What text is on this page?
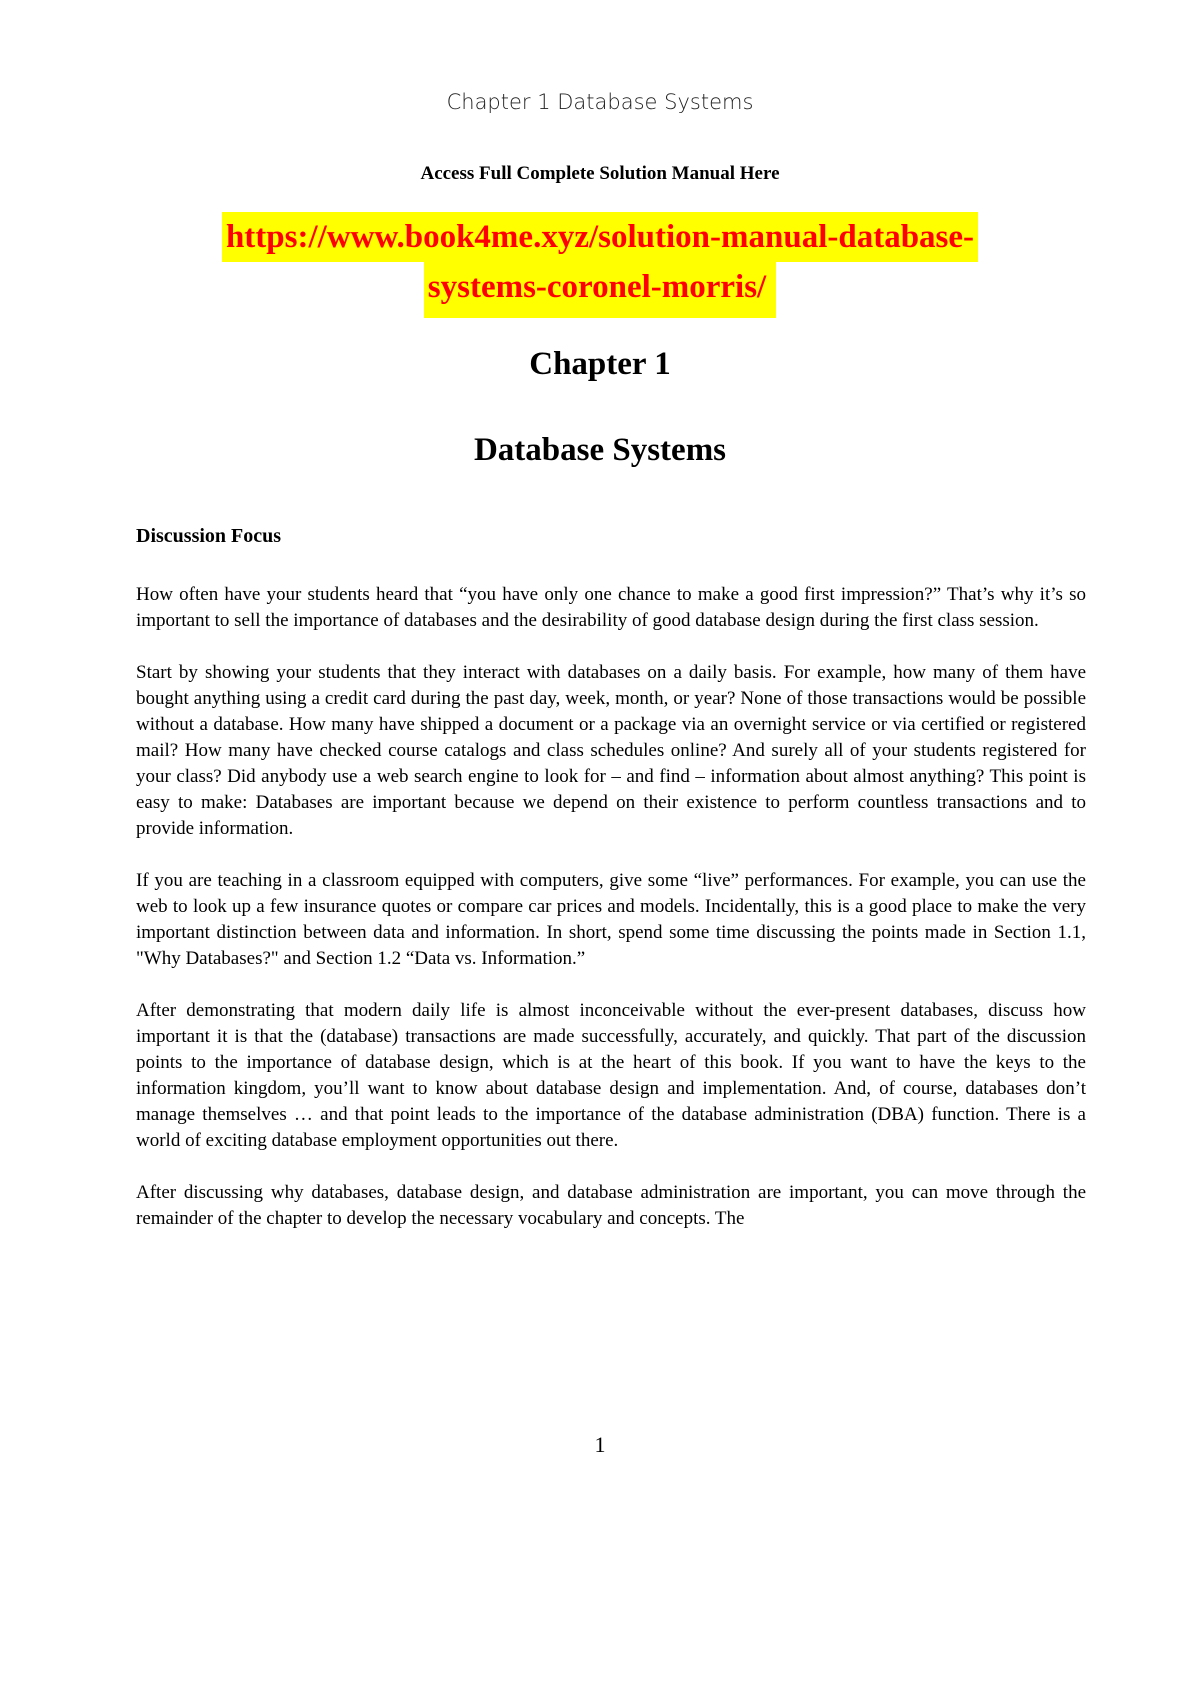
Chapter 1 Database Systems
Access Full Complete Solution Manual Here
https://www.book4me.xyz/solution-manual-database-
systems-coronel-morris/
Chapter 1
Database Systems
Discussion Focus

How often have your students heard that “you have only one chance to make a good first impression?” That’s why it’s so important to sell the importance of databases and the desirability of good database design during the first class session.

Start by showing your students that they interact with databases on a daily basis. For example, how many of them have bought anything using a credit card during the past day, week, month, or year? None of those transactions would be possible without a database. How many have shipped a document or a package via an overnight service or via certified or registered mail? How many have checked course catalogs and class schedules online? And surely all of your students registered for your class? Did anybody use a web search engine to look for – and find – information about almost anything? This point is easy to make: Databases are important because we depend on their existence to perform countless transactions and to provide information.

If you are teaching in a classroom equipped with computers, give some “live” performances. For example, you can use the web to look up a few insurance quotes or compare car prices and models. Incidentally, this is a good place to make the very important distinction between data and information. In short, spend some time discussing the points made in Section 1.1, "Why Databases?" and Section 1.2 “Data vs. Information.”

After demonstrating that modern daily life is almost inconceivable without the ever-present databases, discuss how important it is that the (database) transactions are made successfully, accurately, and quickly. That part of the discussion points to the importance of database design, which is at the heart of this book. If you want to have the keys to the information kingdom, you’ll want to know about database design and implementation. And, of course, databases don’t manage themselves … and that point leads to the importance of the database administration (DBA) function. There is a world of exciting database employment opportunities out there.

After discussing why databases, database design, and database administration are important, you can move through the remainder of the chapter to develop the necessary vocabulary and concepts. The

1
